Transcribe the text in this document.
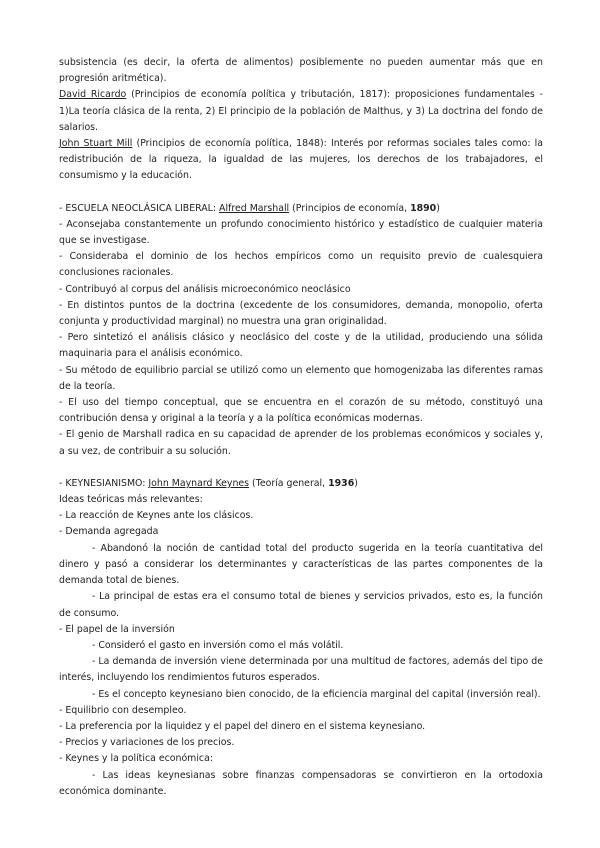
subsistencia (es decir, la oferta de alimentos) posiblemente no pueden aumentar más que en progresión aritmética).

David Ricardo (Principios de economía política y tributación, 1817): proposiciones fundamentales - 1)La teoría clásica de la renta, 2) El principio de la población de Malthus, y 3) La doctrina del fondo de salarios.

John Stuart Mill (Principios de economía política, 1848): Interés por reformas sociales tales como: la redistribución de la riqueza, la igualdad de las mujeres, los derechos de los trabajadores, el consumismo y la educación.

- ESCUELA NEOCLÁSICA LIBERAL: Alfred Marshall (Principios de economía, 1890)

- Aconsejaba constantemente un profundo conocimiento histórico y estadístico de cualquier materia que se investigase.

- Consideraba el dominio de los hechos empíricos como un requisito previo de cualesquiera conclusiones racionales.

- Contribuyó al corpus del análisis microeconómico neoclásico

- En distintos puntos de la doctrina (excedente de los consumidores, demanda, monopolio, oferta conjunta y productividad marginal) no muestra una gran originalidad.

- Pero sintetizó el análisis clásico y neoclásico del coste y de la utilidad, produciendo una sólida maquinaria para el análisis económico.

- Su método de equilibrio parcial se utilizó como un elemento que homogenizaba las diferentes ramas de la teoría.

- El uso del tiempo conceptual, que se encuentra en el corazón de su método, constituyó una contribución densa y original a la teoría y a la política económicas modernas.

- El genio de Marshall radica en su capacidad de aprender de los problemas económicos y sociales y, a su vez, de contribuir a su solución.

- KEYNESIANISMO: John Maynard Keynes (Teoría general, 1936)

Ideas teóricas más relevantes:

- La reacción de Keynes ante los clásicos.

- Demanda agregada

- Abandonó la noción de cantidad total del producto sugerida en la teoría cuantitativa del dinero y pasó a considerar los determinantes y características de las partes componentes de la demanda total de bienes.

- La principal de estas era el consumo total de bienes y servicios privados, esto es, la función de consumo.

- El papel de la inversión

- Consideró el gasto en inversión como el más volátil.

- La demanda de inversión viene determinada por una multitud de factores, además del tipo de interés, incluyendo los rendimientos futuros esperados.

- Es el concepto keynesiano bien conocido, de la eficiencia marginal del capital (inversión real).

- Equilibrio con desempleo.

- La preferencia por la liquidez y el papel del dinero en el sistema keynesiano.

- Precios y variaciones de los precios.

- Keynes y la política económica:

- Las ideas keynesianas sobre finanzas compensadoras se convirtieron en la ortodoxia económica dominante.
